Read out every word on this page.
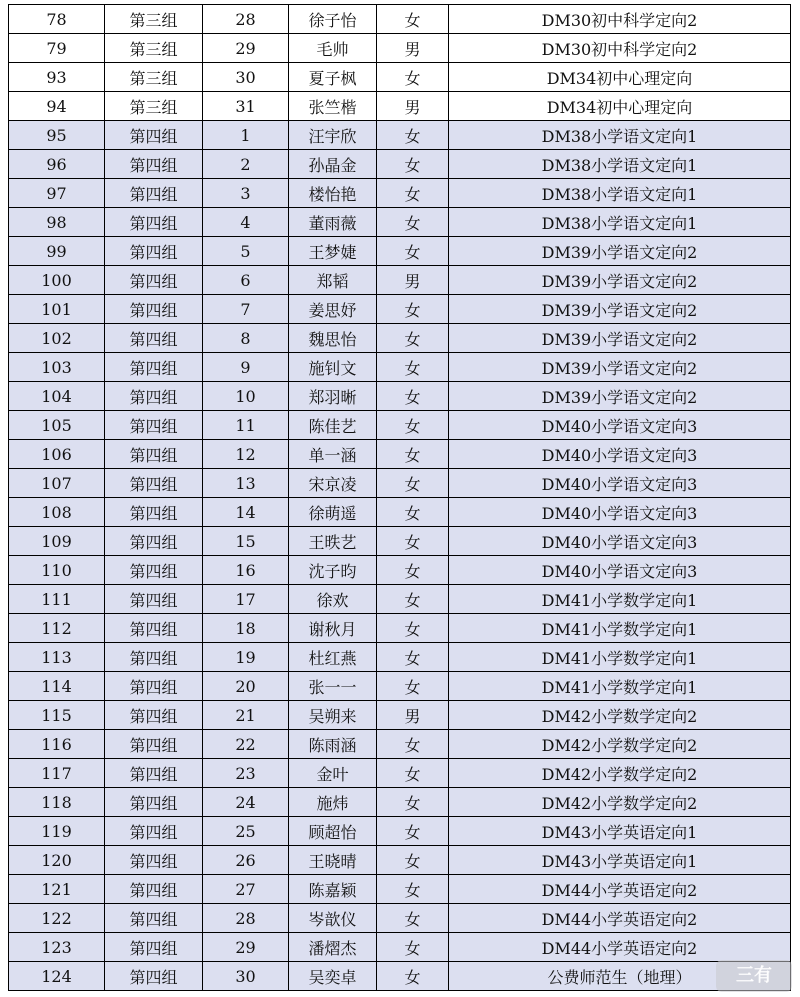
78	第三组	28	徐子怡	女	DM30初中科学定向2
79	第三组	29	毛帅	男	DM30初中科学定向2
93	第三组	30	夏子枫	女	DM34初中心理定向
94	第三组	31	张竺楷	男	DM34初中心理定向
95	第四组	1	汪宇欣	女	DM38小学语文定向1
96	第四组	2	孙晶金	女	DM38小学语文定向1
97	第四组	3	楼怡艳	女	DM38小学语文定向1
98	第四组	4	董雨薇	女	DM38小学语文定向1
99	第四组	5	王梦婕	女	DM39小学语文定向2
100	第四组	6	郑韬	男	DM39小学语文定向2
101	第四组	7	姜思妤	女	DM39小学语文定向2
102	第四组	8	魏思怡	女	DM39小学语文定向2
103	第四组	9	施钊文	女	DM39小学语文定向2
104	第四组	10	郑羽晰	女	DM39小学语文定向2
105	第四组	11	陈佳艺	女	DM40小学语文定向3
106	第四组	12	单一涵	女	DM40小学语文定向3
107	第四组	13	宋京凌	女	DM40小学语文定向3
108	第四组	14	徐萌遥	女	DM40小学语文定向3
109	第四组	15	王昳艺	女	DM40小学语文定向3
110	第四组	16	沈子昀	女	DM40小学语文定向3
111	第四组	17	徐欢	女	DM41小学数学定向1
112	第四组	18	谢秋月	女	DM41小学数学定向1
113	第四组	19	杜红燕	女	DM41小学数学定向1
114	第四组	20	张一一	女	DM41小学数学定向1
115	第四组	21	吴朔来	男	DM42小学数学定向2
116	第四组	22	陈雨涵	女	DM42小学数学定向2
117	第四组	23	金叶	女	DM42小学数学定向2
118	第四组	24	施炜	女	DM42小学数学定向2
119	第四组	25	顾超怡	女	DM43小学英语定向1
120	第四组	26	王晓晴	女	DM43小学英语定向1
121	第四组	27	陈嘉颖	女	DM44小学英语定向2
122	第四组	28	岑歆仪	女	DM44小学英语定向2
123	第四组	29	潘熠杰	女	DM44小学英语定向2
124	第四组	30	吴奕卓	女	公费师范生（地理）	三有
